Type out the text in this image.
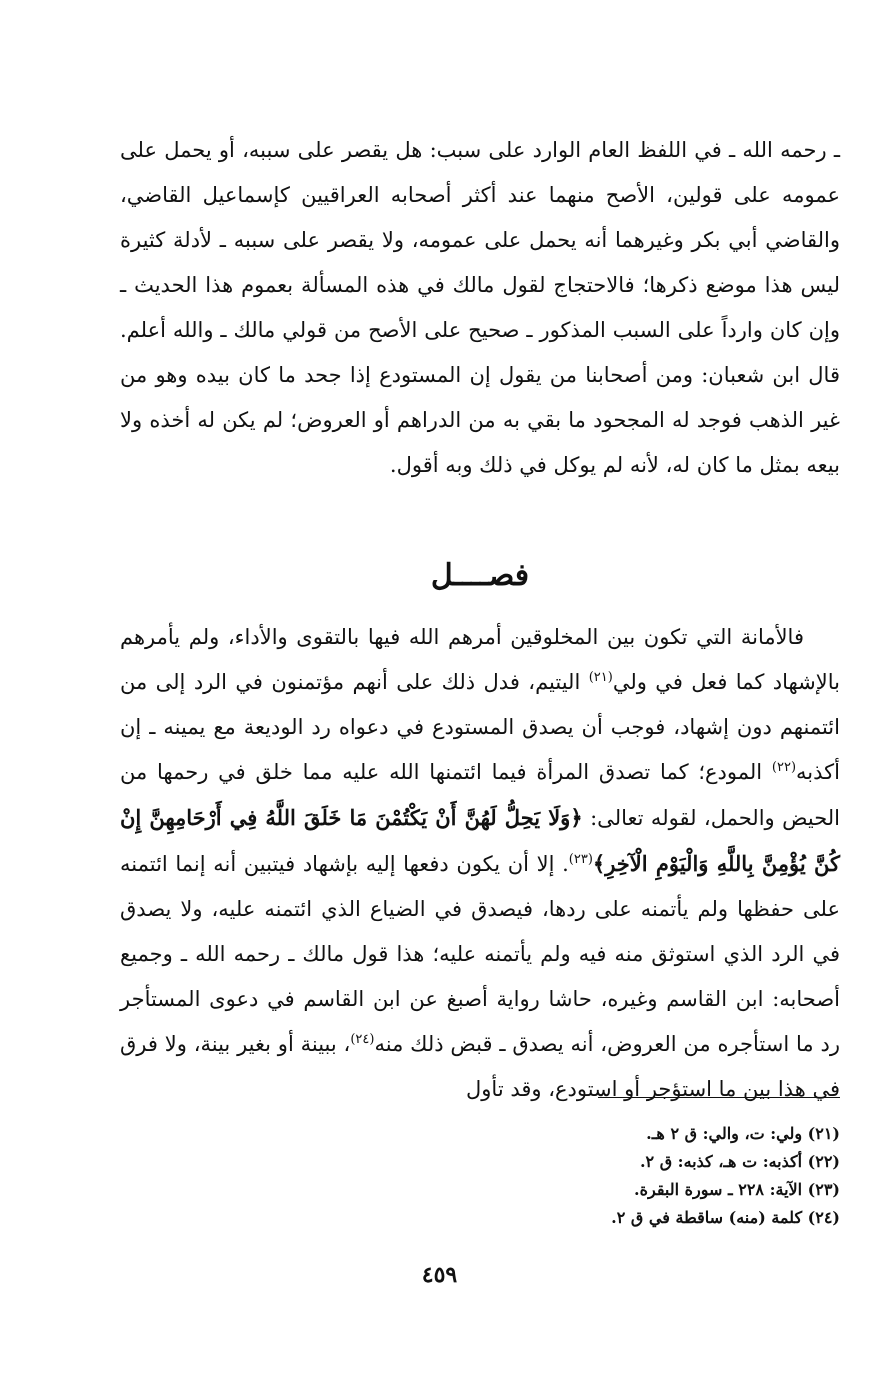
ـ رحمه الله ـ في اللفظ العام الوارد على سبب: هل يقصر على سببه، أو يحمل على عمومه على قولين، الأصح منهما عند أكثر أصحابه العراقيين كإسماعيل القاضي، والقاضي أبي بكر وغيرهما أنه يحمل على عمومه، ولا يقصر على سببه ـ لأدلة كثيرة ليس هذا موضع ذكرها؛ فالاحتجاج لقول مالك في هذه المسألة بعموم هذا الحديث ـ وإن كان وارداً على السبب المذكور ـ صحيح على الأصح من قولي مالك ـ والله أعلم. قال ابن شعبان: ومن أصحابنا من يقول إن المستودع إذا جحد ما كان بيده وهو من غير الذهب فوجد له المجحود ما بقي به من الدراهم أو العروض؛ لم يكن له أخذه ولا بيعه بمثل ما كان له، لأنه لم يوكل في ذلك وبه أقول.

فصــــل

فالأمانة التي تكون بين المخلوقين أمرهم الله فيها بالتقوى والأداء، ولم يأمرهم بالإشهاد كما فعل في ولي$^{(٢١)}$ اليتيم، فدل ذلك على أنهم مؤتمنون في الرد إلى من ائتمنهم دون إشهاد، فوجب أن يصدق المستودع في دعواه رد الوديعة مع يمينه ـ إن أكذبه$^{(٢٢)}$ المودع؛ كما تصدق المرأة فيما ائتمنها الله عليه مما خلق في رحمها من الحيض والحمل، لقوله تعالى: ﴿وَلَا يَحِلُّ لَهُنَّ أَنْ يَكْتُمْنَ مَا خَلَقَ اللَّهُ فِي أَرْحَامِهِنَّ إِنْ كُنَّ يُؤْمِنَّ بِاللَّهِ وَالْيَوْمِ الْآخِرِ﴾$^{(٢٣)}$. إلا أن يكون دفعها إليه بإشهاد فيتبين أنه إنما ائتمنه على حفظها ولم يأتمنه على ردها، فيصدق في الضياع الذي ائتمنه عليه، ولا يصدق في الرد الذي استوثق منه فيه ولم يأتمنه عليه؛ هذا قول مالك ـ رحمه الله ـ وجميع أصحابه: ابن القاسم وغيره، حاشا رواية أصبغ عن ابن القاسم في دعوى المستأجر رد ما استأجره من العروض، أنه يصدق ـ قبض ذلك منه$^{(٢٤)}$، ببينة أو بغير بينة، ولا فرق في هذا بين ما استؤجر أو استودع، وقد تأول

(٢١) ولي: ت، والي: ق ٢ هـ.
(٢٢) أكذبه: ت هـ، كذبه: ق ٢.
(٢٣) الآية: ٢٢٨ ـ سورة البقرة.
(٢٤) كلمة (منه) ساقطة في ق ٢.
٤٥٩
